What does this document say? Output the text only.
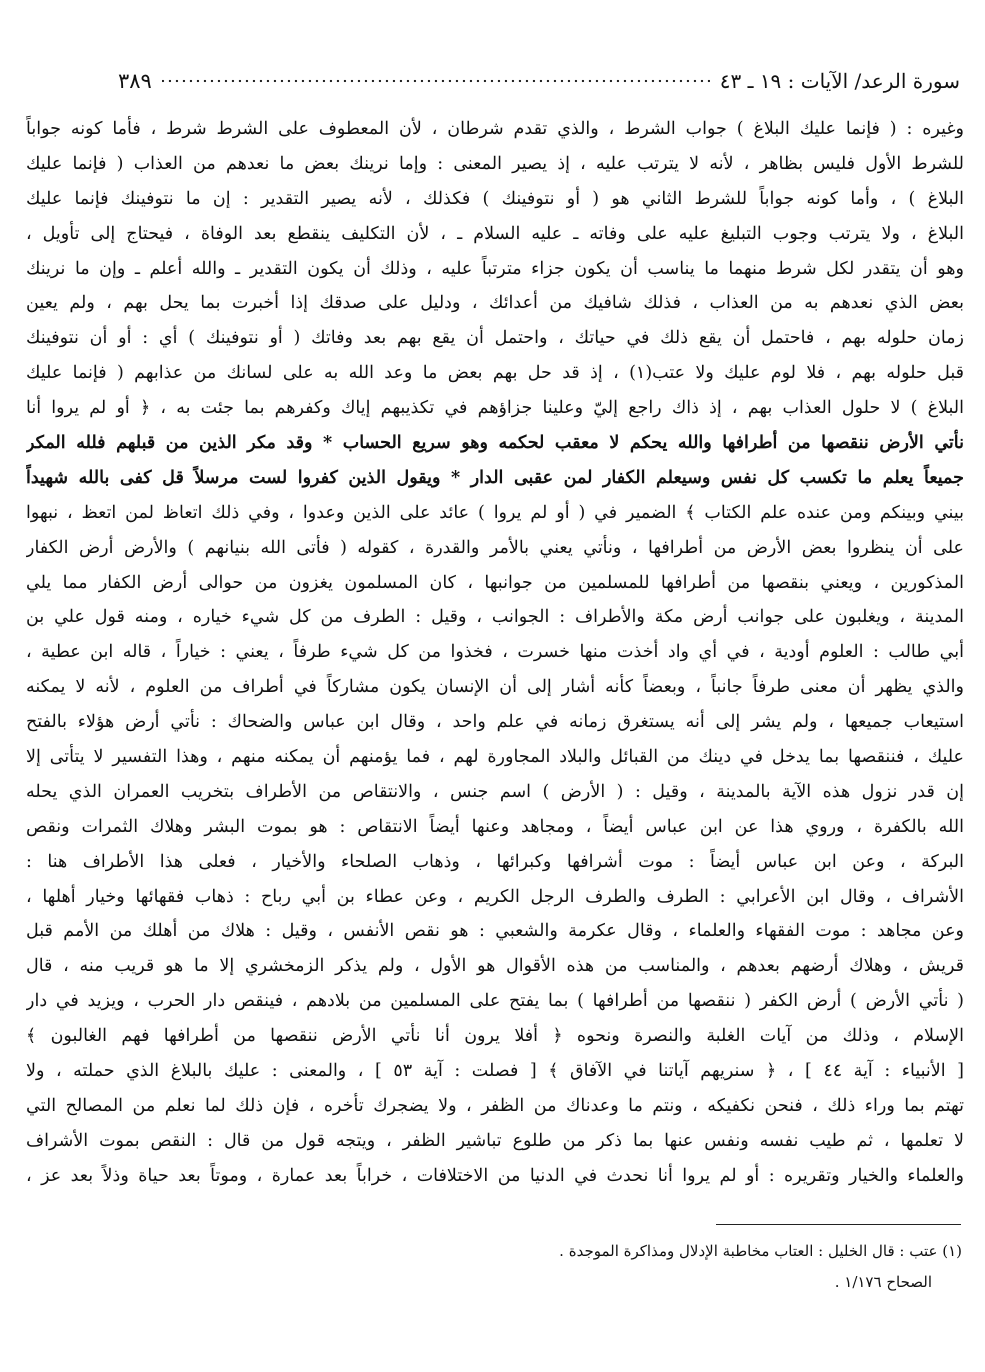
سورة الرعد/ الآيات : ١٩ ـ ٤٣
٣٨٩
وغيره : ( فإنما عليك البلاغ ) جواب الشرط ، والذي تقدم شرطان ، لأن المعطوف على الشرط شرط ، فأما كونه جواباً
للشرط الأول فليس بظاهر ، لأنه لا يترتب عليه ، إذ يصير المعنى : وإما نرينك بعض ما نعدهم من العذاب ( فإنما عليك
البلاغ ) ، وأما كونه جواباً للشرط الثاني هو ( أو نتوفينك ) فكذلك ، لأنه يصير التقدير : إن ما نتوفينك فإنما عليك
البلاغ ، ولا يترتب وجوب التبليغ عليه على وفاته ـ عليه السلام ـ ، لأن التكليف ينقطع بعد الوفاة ، فيحتاج إلى تأويل ،
وهو أن يتقدر لكل شرط منهما ما يناسب أن يكون جزاء مترتباً عليه ، وذلك أن يكون التقدير ـ والله أعلم ـ وإن ما نرينك
بعض الذي نعدهم به من العذاب ، فذلك شافيك من أعدائك ، ودليل على صدقك إذا أخبرت بما يحل بهم ، ولم يعين
زمان حلوله بهم ، فاحتمل أن يقع ذلك في حياتك ، واحتمل أن يقع بهم بعد وفاتك ( أو نتوفينك ) أي : أو أن نتوفينك
قبل حلوله بهم ، فلا لوم عليك ولا عتب(١) ، إذ قد حل بهم بعض ما وعد الله به على لسانك من عذابهم ( فإنما عليك
البلاغ ) لا حلول العذاب بهم ، إذ ذاك راجع إليّ وعلينا جزاؤهم في تكذيبهم إياك وكفرهم بما جئت به ، ﴿ أو لم يروا أنا
نأتي الأرض ننقصها من أطرافها والله يحكم لا معقب لحكمه وهو سريع الحساب * وقد مكر الذين من قبلهم فلله المكر
جميعاً يعلم ما تكسب كل نفس وسيعلم الكفار لمن عقبى الدار * ويقول الذين كفروا لست مرسلاً قل كفى بالله شهيداً
بيني وبينكم ومن عنده علم الكتاب ﴾ الضمير في ( أو لم يروا ) عائد على الذين وعدوا ، وفي ذلك اتعاظ لمن اتعظ ، نبهوا
على أن ينظروا بعض الأرض من أطرافها ، ونأتي يعني بالأمر والقدرة ، كقوله ( فأتى الله بنيانهم ) والأرض أرض الكفار
المذكورين ، ويعني بنقصها من أطرافها للمسلمين من جوانبها ، كان المسلمون يغزون من حوالى أرض الكفار مما يلي
المدينة ، ويغلبون على جوانب أرض مكة والأطراف : الجوانب ، وقيل : الطرف من كل شيء خياره ، ومنه قول علي بن
أبي طالب : العلوم أودية ، في أي واد أخذت منها خسرت ، فخذوا من كل شيء طرفاً ، يعني : خياراً ، قاله ابن عطية ،
والذي يظهر أن معنى طرفاً جانباً ، وبعضاً كأنه أشار إلى أن الإنسان يكون مشاركاً في أطراف من العلوم ، لأنه لا يمكنه
استيعاب جميعها ، ولم يشر إلى أنه يستغرق زمانه في علم واحد ، وقال ابن عباس والضحاك : نأتي أرض هؤلاء بالفتح
عليك ، فننقصها بما يدخل في دينك من القبائل والبلاد المجاورة لهم ، فما يؤمنهم أن يمكنه منهم ، وهذا التفسير لا يتأتى إلا
إن قدر نزول هذه الآية بالمدينة ، وقيل : ( الأرض ) اسم جنس ، والانتقاص من الأطراف بتخريب العمران الذي يحله
الله بالكفرة ، وروي هذا عن ابن عباس أيضاً ، ومجاهد وعنها أيضاً الانتقاص : هو بموت البشر وهلاك الثمرات ونقص
البركة ، وعن ابن عباس أيضاً : موت أشرافها وكبرائها ، وذهاب الصلحاء والأخيار ، فعلى هذا الأطراف هنا :
الأشراف ، وقال ابن الأعرابي : الطرف والطرف الرجل الكريم ، وعن عطاء بن أبي رباح : ذهاب فقهائها وخيار أهلها ،
وعن مجاهد : موت الفقهاء والعلماء ، وقال عكرمة والشعبي : هو نقص الأنفس ، وقيل : هلاك من أهلك من الأمم قبل
قريش ، وهلاك أرضهم بعدهم ، والمناسب من هذه الأقوال هو الأول ، ولم يذكر الزمخشري إلا ما هو قريب منه ، قال
( نأتي الأرض ) أرض الكفر ( ننقصها من أطرافها ) بما يفتح على المسلمين من بلادهم ، فينقص دار الحرب ، ويزيد في دار
الإسلام ، وذلك من آيات الغلبة والنصرة ونحوه ﴿ أفلا يرون أنا نأتي الأرض ننقصها من أطرافها فهم الغالبون ﴾
[ الأنبياء : آية ٤٤ ] ، ﴿ سنريهم آياتنا في الآفاق ﴾ [ فصلت : آية ٥٣ ] ، والمعنى : عليك بالبلاغ الذي حملته ، ولا
تهتم بما وراء ذلك ، فنحن نكفيكه ، ونتم ما وعدناك من الظفر ، ولا يضجرك تأخره ، فإن ذلك لما نعلم من المصالح التي
لا تعلمها ، ثم طيب نفسه ونفس عنها بما ذكر من طلوع تباشير الظفر ، ويتجه قول من قال : النقص بموت الأشراف
والعلماء والخيار وتقريره : أو لم يروا أنا نحدث في الدنيا من الاختلافات ، خراباً بعد عمارة ، وموتاً بعد حياة وذلاً بعد عز ،
(١) عتب : قال الخليل : العتاب مخاطبة الإدلال ومذاكرة الموجدة .
الصحاح ١/١٧٦ .
